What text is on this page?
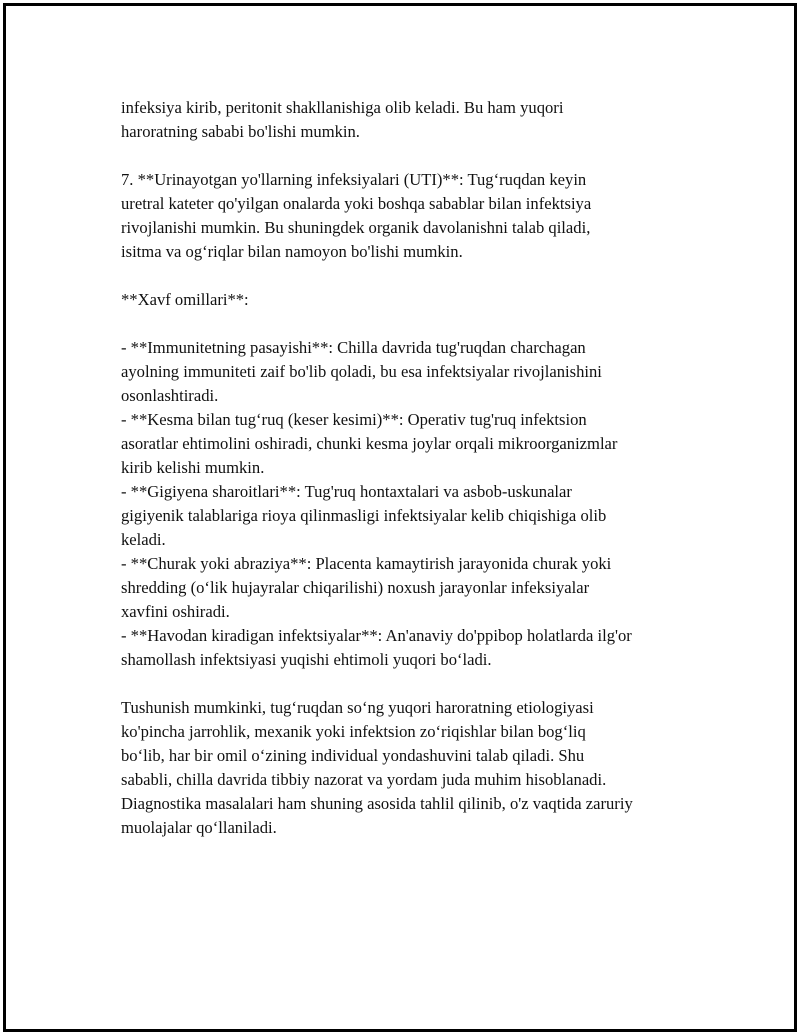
infeksiya kirib, peritonit shakllanishiga olib keladi. Bu ham yuqori
haroratning sababi bo'lishi mumkin.
7. **Urinayotgan yo'llarning infeksiyalari (UTI)**: Tug‘ruqdan keyin
uretral kateter qo'yilgan onalarda yoki boshqa sabablar bilan infektsiya
rivojlanishi mumkin. Bu shuningdek organik davolanishni talab qiladi,
isitma va og‘riqlar bilan namoyon bo'lishi mumkin.
**Xavf omillari**:
- **Immunitetning pasayishi**: Chilla davrida tug'ruqdan charchagan
ayolning immuniteti zaif bo'lib qoladi, bu esa infektsiyalar rivojlanishini
osonlashtiradi.
- **Kesma bilan tug‘ruq (keser kesimi)**: Operativ tug'ruq infektsion
asoratlar ehtimolini oshiradi, chunki kesma joylar orqali mikroorganizmlar
kirib kelishi mumkin.
- **Gigiyena sharoitlari**: Tug'ruq hontaxtalari va asbob-uskunalar
gigiyenik talablariga rioya qilinmasligi infektsiyalar kelib chiqishiga olib
keladi.
- **Churak yoki abraziya**: Placenta kamaytirish jarayonida churak yoki
shredding (o‘lik hujayralar chiqarilishi) noxush jarayonlar infeksiyalar
xavfini oshiradi.
- **Havodan kiradigan infektsiyalar**: An'anaviy do'ppibop holatlarda ilg'or
shamollash infektsiyasi yuqishi ehtimoli yuqori bo‘ladi.
Tushunish mumkinki, tug‘ruqdan so‘ng yuqori haroratning etiologiyasi
ko'pincha jarrohlik, mexanik yoki infektsion zo‘riqishlar bilan bog‘liq
bo‘lib, har bir omil o‘zining individual yondashuvini talab qiladi. Shu
sababli, chilla davrida tibbiy nazorat va yordam juda muhim hisoblanadi.
Diagnostika masalalari ham shuning asosida tahlil qilinib, o'z vaqtida zaruriy
muolajalar qo‘llaniladi.
